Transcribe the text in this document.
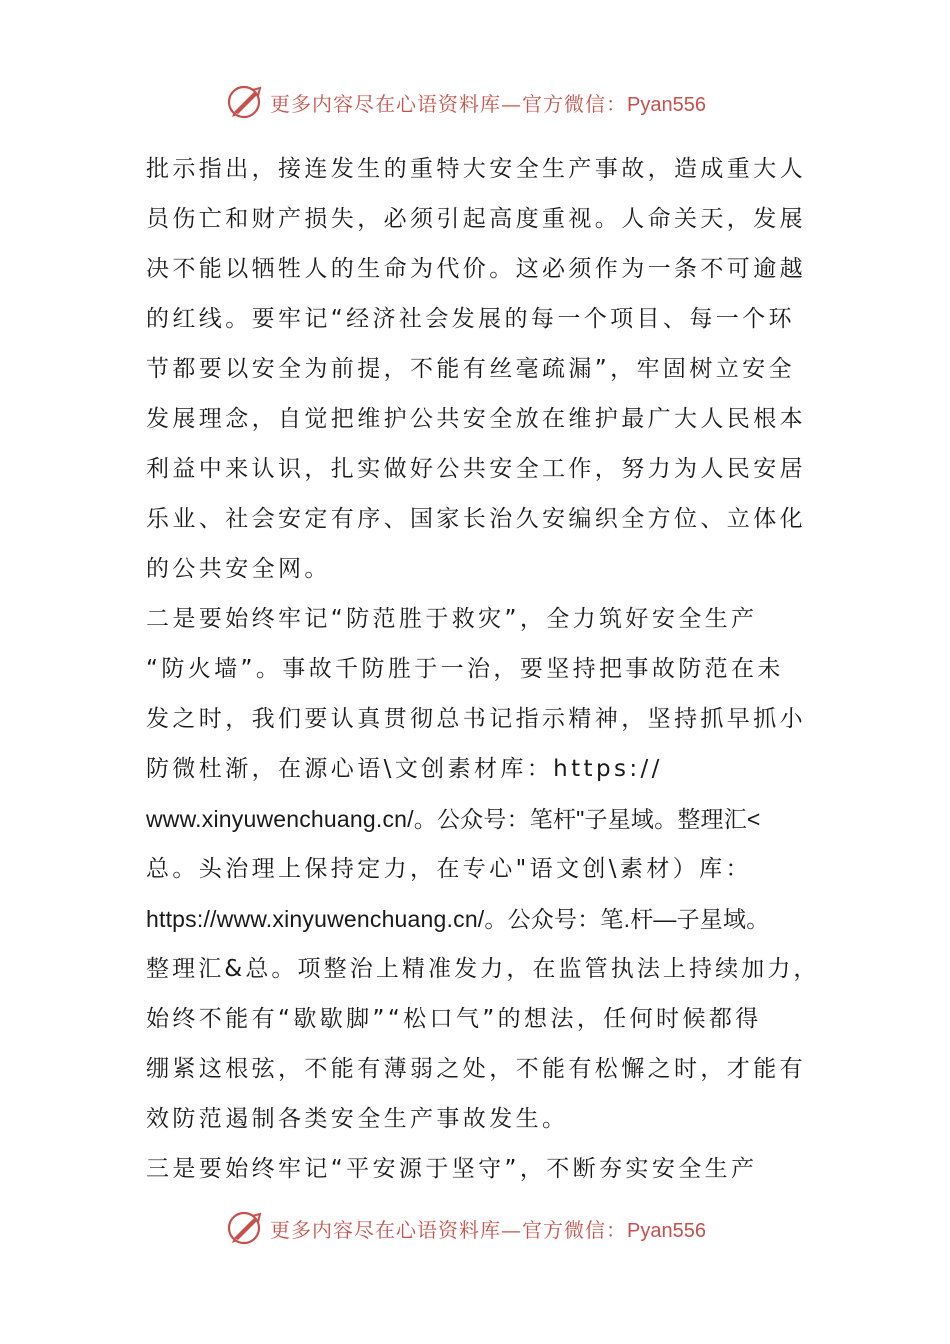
更多内容尽在心语资料库—官方微信：Pyan556

批示指出，接连发生的重特大安全生产事故，造成重大人
员伤亡和财产损失，必须引起高度重视。人命关天，发展
决不能以牺牲人的生命为代价。这必须作为一条不可逾越
的红线。要牢记“经济社会发展的每一个项目、每一个环
节都要以安全为前提，不能有丝毫疏漏”，牢固树立安全
发展理念，自觉把维护公共安全放在维护最广大人民根本
利益中来认识，扎实做好公共安全工作，努力为人民安居
乐业、社会安定有序、国家长治久安编织全方位、立体化
的公共安全网。
二是要始终牢记“防范胜于救灾”，全力筑好安全生产
“防火墙”。事故千防胜于一治，要坚持把事故防范在未
发之时，我们要认真贯彻总书记指示精神，坚持抓早抓小
防微杜渐，在源心语\文创素材库：https://
www.xinyuwenchuang.cn/。公众号：笔杆"子星域。整理汇<
总。头治理上保持定力，在专心"语文创\素材）库：
https://www.xinyuwenchuang.cn/。公众号：笔.杆—子星域。
整理汇&总。项整治上精准发力，在监管执法上持续加力，
始终不能有“歇歇脚”“松口气”的想法，任何时候都得
绷紧这根弦，不能有薄弱之处，不能有松懈之时，才能有
效防范遏制各类安全生产事故发生。
三是要始终牢记“平安源于坚守”，不断夯实安全生产

更多内容尽在心语资料库—官方微信：Pyan556
